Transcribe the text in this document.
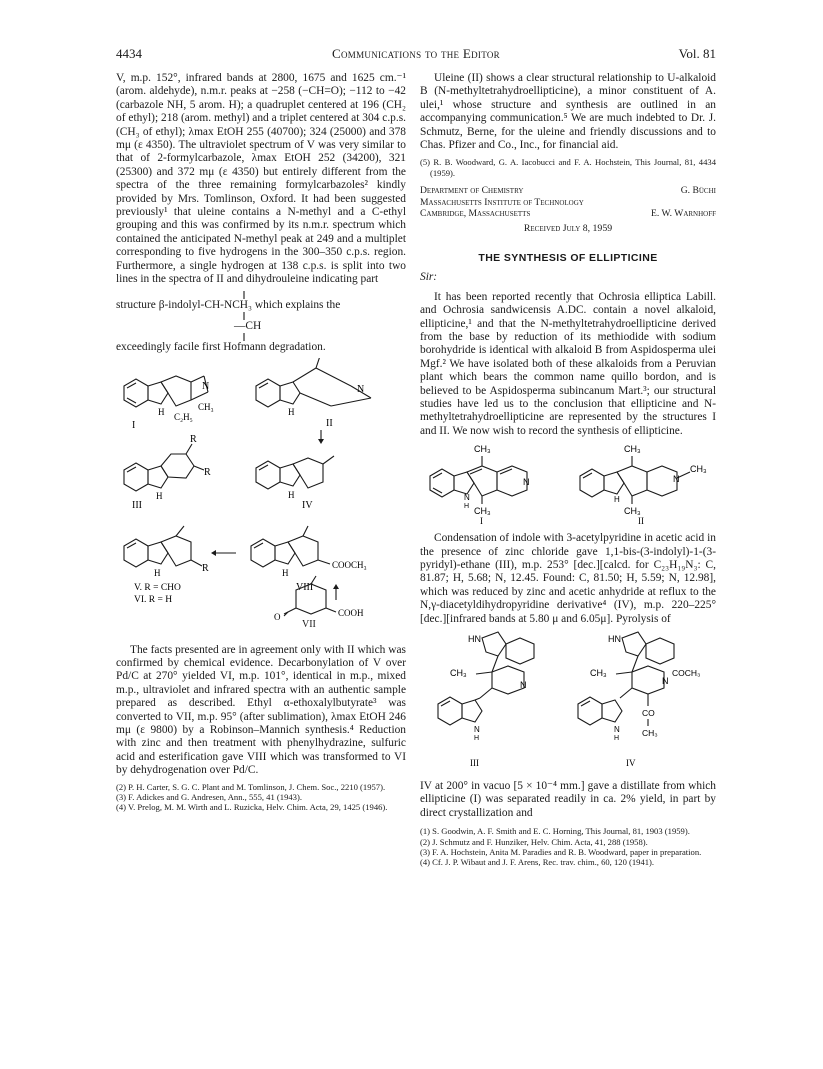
4434	Communications to the Editor	Vol. 81

V, m.p. 152°, infrared bands at 2800, 1675 and 1625 cm.⁻¹ (arom. aldehyde), n.m.r. peaks at −258 (−CH=O); −112 to −42 (carbazole NH, 5 arom. H); a quadruplet centered at 196 (CH₂ of ethyl); 218 (arom. methyl) and a triplet centered at 304 c.p.s. (CH₃ of ethyl); λmax EtOH 255 (40700); 324 (25000) and 378 mμ (ε 4350). The ultraviolet spectrum of V was very similar to that of 2-formylcarbazole, λmax EtOH 252 (34200), 321 (25300) and 372 mμ (ε 4350) but entirely different from the spectra of the three remaining formylcarbazoles² kindly provided by Mrs. Tomlinson, Oxford. It had been suggested previously¹ that uleine contains a N-methyl and a C-ethyl grouping and this was confirmed by its n.m.r. spectrum which contained the anticipated N-methyl peak at 249 and a multiplet corresponding to five hydrogens in the 300–350 c.p.s. region. Furthermore, a single hydrogen at 138 c.p.s. is split into two lines in the spectra of II and dihydrouleine indicating part

structure β-indolyl-CH-NCH₃ which explains the
—CH
exceedingly facile first Hofmann degradation.
N
CH₃
H C₂H₅
I
N
H
II
R
R
H
III
H
IV
R
H
V. R = CHO
VI. R = H
COOCH₃
H
VIII
O	COOH
VII

The facts presented are in agreement only with II which was confirmed by chemical evidence. Decarbonylation of V over Pd/C at 270° yielded VI, m.p. 101°, identical in m.p., mixed m.p., ultraviolet and infrared spectra with an authentic sample prepared as described. Ethyl α-ethoxalylbutyrate³ was converted to VII, m.p. 95° (after sublimation), λmax EtOH 246 mμ (ε 9800) by a Robinson–Mannich synthesis.⁴ Reduction with zinc and then treatment with phenylhydrazine, sulfuric acid and esterification gave VIII which was transformed to VI by dehydrogenation over Pd/C.

(2) P. H. Carter, S. G. C. Plant and M. Tomlinson, J. Chem. Soc., 2210 (1957).

(3) F. Adickes and G. Andresen, Ann., 555, 41 (1943).

(4) V. Prelog, M. M. Wirth and L. Ruzicka, Helv. Chim. Acta, 29, 1425 (1946).

Uleine (II) shows a clear structural relationship to U-alkaloid B (N-methyltetrahydroellipticine), a minor constituent of A. ulei,¹ whose structure and synthesis are outlined in an accompanying communication.⁵ We are much indebted to Dr. J. Schmutz, Berne, for the uleine and friendly discussions and to Chas. Pfizer and Co., Inc., for financial aid.

(5) R. B. Woodward, G. A. Iacobucci and F. A. Hochstein, This Journal, 81, 4434 (1959).

Department of Chemistry	G. Büchi
Massachusetts Institute of Technology
Cambridge, Massachusetts	E. W. Warnhoff
Received July 8, 1959
THE SYNTHESIS OF ELLIPTICINE
Sir:

It has been reported recently that Ochrosia elliptica Labill. and Ochrosia sandwicensis A.DC. contain a novel alkaloid, ellipticine,¹ and that the N-methyltetrahydroellipticine derived from the base by reduction of its methiodide with sodium borohydride is identical with alkaloid B from Aspidosperma ulei Mgf.² We have isolated both of these alkaloids from a Peruvian plant which bears the common name quillo bordon, and is believed to be Aspidosperma subincanum Mart.³; our structural studies have led us to the conclusion that ellipticine and N-methyltetrahydroellipticine are represented by the structures I and II. We now wish to record the synthesis of ellipticine.

CH₃
CH₃
N
N
H
I
CH₃
CH₃
N
CH₃
H
II

Condensation of indole with 3-acetylpyridine in acetic acid in the presence of zinc chloride gave 1,1-bis-(3-indolyl)-1-(3-pyridyl)-ethane (III), m.p. 253° [dec.][calcd. for C₂₃H₁₉N₃: C, 81.87; H, 5.68; N, 12.45. Found: C, 81.50; H, 5.59; N, 12.98], which was reduced by zinc and acetic anhydride at reflux to the N,γ-diacetyldihydropyridine derivative⁴ (IV), m.p. 220–225° [dec.][infrared bands at 5.80 μ and 6.05μ]. Pyrolysis of

HN
CH₃
N
N
H
III
HN
CH₃
N
COCH₃
CO
CH₃
N
H
IV

IV at 200° in vacuo [5 × 10⁻⁴ mm.] gave a distillate from which ellipticine (I) was separated readily in ca. 2% yield, in part by direct crystallization and

(1) S. Goodwin, A. F. Smith and E. C. Horning, This Journal, 81, 1903 (1959).

(2) J. Schmutz and F. Hunziker, Helv. Chim. Acta, 41, 288 (1958).

(3) F. A. Hochstein, Anita M. Paradies and R. B. Woodward, paper in preparation.

(4) Cf. J. P. Wibaut and J. F. Arens, Rec. trav. chim., 60, 120 (1941).
